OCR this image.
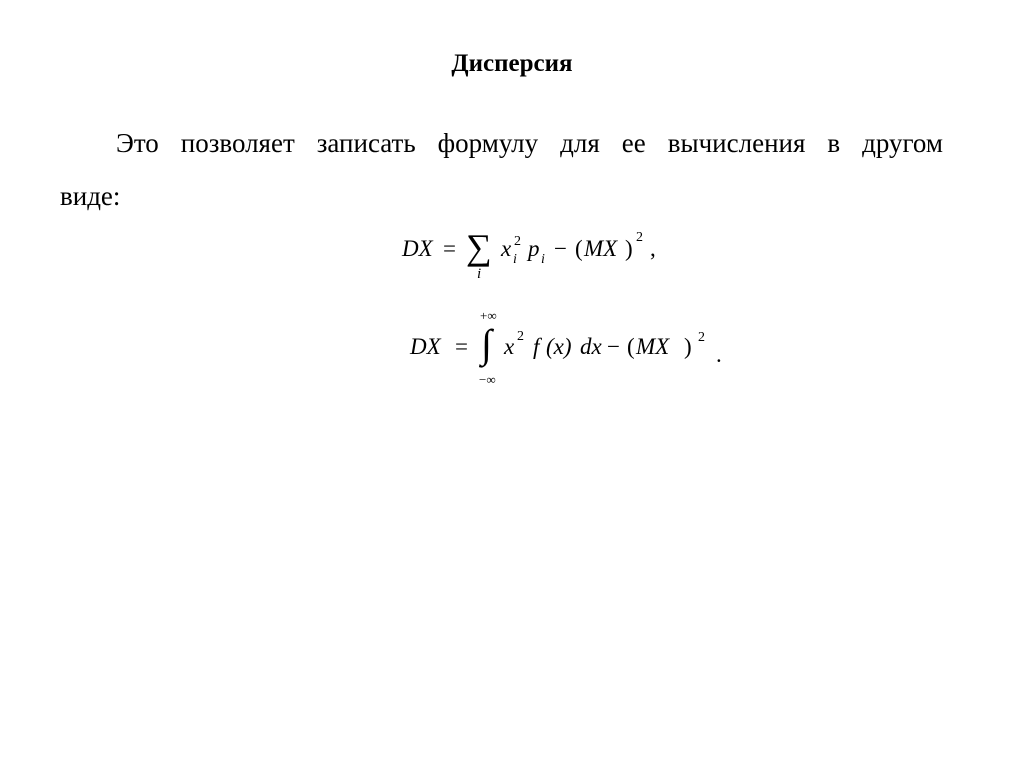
Дисперсия
Это позволяет записать формулу для ее вычисления в другом
виде:
DX = ∑
i
x 2
i p i − ( MX ) 2 ,
DX =
+∞
∫
−∞
x 2 f (x) dx − ( MX ) 2
.
